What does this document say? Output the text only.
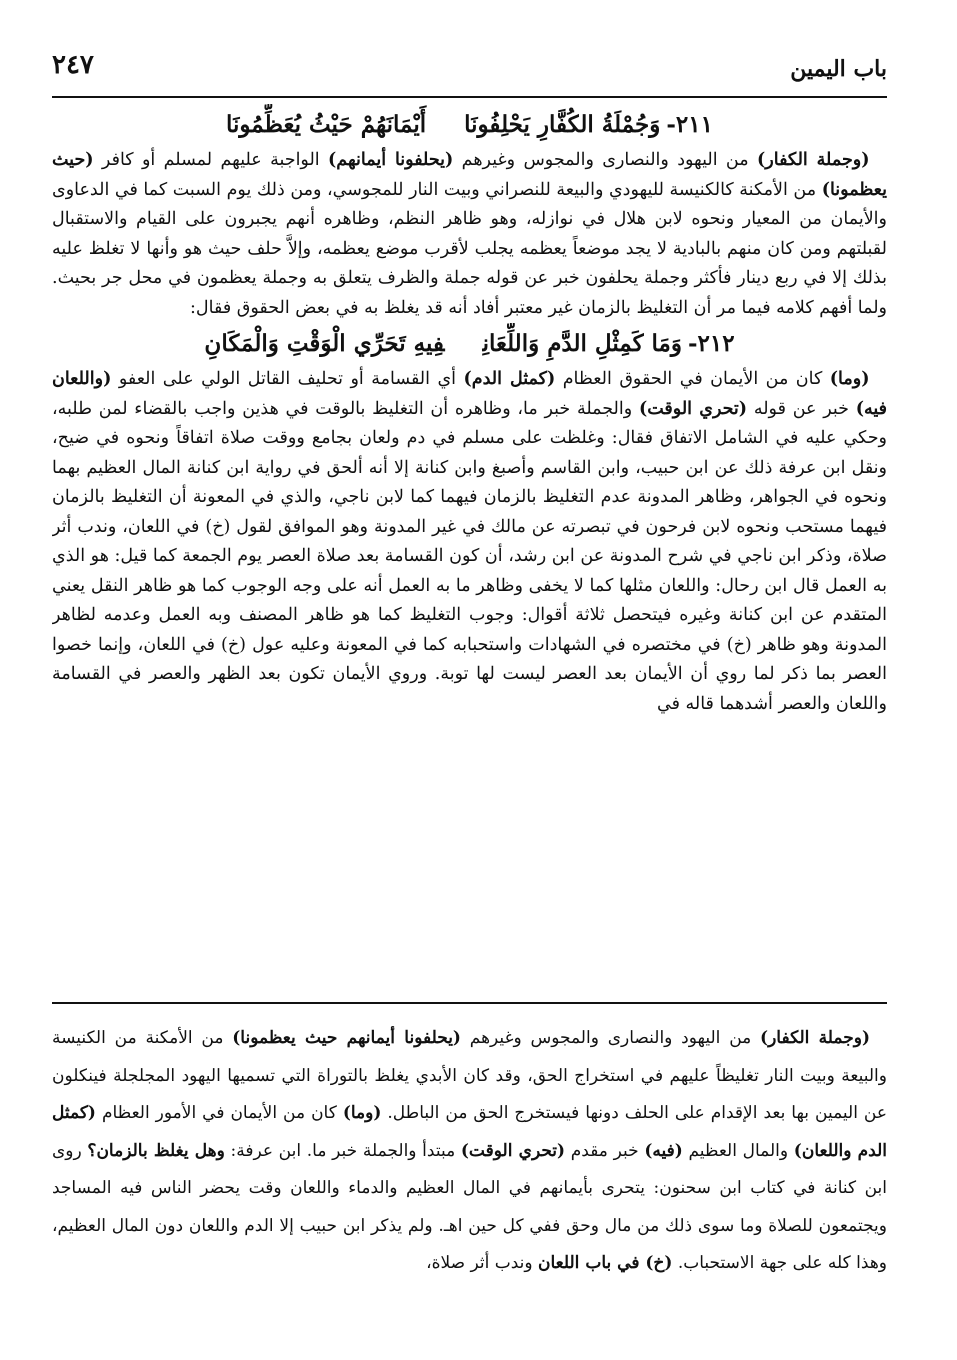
باب اليمين
٢٤٧
٢١١-وَجُمْلَةُ الكُفَّارِ يَحْلِفُونَاأَيْمَانَهُمْ حَيْثُ يُعَظِّمُونَا

 (وجملة الكفار) من اليهود والنصارى والمجوس وغيرهم (يحلفونا أيمانهم) الواجبة عليهم لمسلم أو كافر (حيث يعظمونا) من الأمكنة كالكنيسة لليهودي والبيعة للنصراني وبيت النار للمجوسي، ومن ذلك يوم السبت كما في الدعاوى والأيمان من المعيار ونحوه لابن هلال في نوازله، وهو ظاهر النظم، وظاهره أنهم يجبرون على القيام والاستقبال لقبلتهم ومن كان منهم بالبادية لا يجد موضعاً يعظمه يجلب لأقرب موضع يعظمه، وإلاَّ حلف حيث هو وأنها لا تغلظ عليه بذلك إلا في ربع دينار فأكثر وجملة يحلفون خبر عن قوله جملة والظرف يتعلق به وجملة يعظمون في محل جر بحيث. ولما أفهم كلامه فيما مر أن التغليظ بالزمان غير معتبر أفاد أنه قد يغلظ به في بعض الحقوق فقال:

٢١٢-وَمَا كَمِثْلِ الدَّمِ وَاللِّعَانِفِيهِ تَحَرِّي الْوَقْتِ وَالْمَكَانِ

 (وما) كان من الأيمان في الحقوق العظام (كمثل الدم) أي القسامة أو تحليف القاتل الولي على العفو (واللعان فيه) خبر عن قوله (تحري الوقت) والجملة خبر ما، وظاهره أن التغليظ بالوقت في هذين واجب بالقضاء لمن طلبه، وحكي عليه في الشامل الاتفاق فقال: وغلظت على مسلم في دم ولعان بجامع ووقت صلاة اتفاقاً ونحوه في ضيح، ونقل ابن عرفة ذلك عن ابن حبيب، وابن القاسم وأصبغ وابن كنانة إلا أنه ألحق في رواية ابن كنانة المال العظيم بهما ونحوه في الجواهر، وظاهر المدونة عدم التغليظ بالزمان فيهما كما لابن ناجي، والذي في المعونة أن التغليظ بالزمان فيهما مستحب ونحوه لابن فرحون في تبصرته عن مالك في غير المدونة وهو الموافق لقول (خ) في اللعان، وندب أثر صلاة، وذكر ابن ناجي في شرح المدونة عن ابن رشد، أن كون القسامة بعد صلاة العصر يوم الجمعة كما قيل: هو الذي به العمل قال ابن رحال: واللعان مثلها كما لا يخفى وظاهر ما به العمل أنه على وجه الوجوب كما هو ظاهر النقل يعني المتقدم عن ابن كنانة وغيره فيتحصل ثلاثة أقوال: وجوب التغليظ كما هو ظاهر المصنف وبه العمل وعدمه لظاهر المدونة وهو ظاهر (خ) في مختصره في الشهادات واستحبابه كما في المعونة وعليه عول (خ) في اللعان، وإنما خصوا العصر بما ذكر لما روي أن الأيمان بعد العصر ليست لها توبة. وروي الأيمان تكون بعد الظهر والعصر في القسامة واللعان والعصر أشدهما قاله في

 (وجملة الكفار) من اليهود والنصارى والمجوس وغيرهم (يحلفونا أيمانهم حيث يعظمونا) من الأمكنة من الكنيسة والبيعة وبيت النار تغليظاً عليهم في استخراج الحق، وقد كان الأبدي يغلظ بالتوراة التي تسميها اليهود المجلجلة فينكلون عن اليمين بها بعد الإقدام على الحلف دونها فيستخرج الحق من الباطل. (وما) كان من الأيمان في الأمور العظام (كمثل الدم واللعان) والمال العظيم (فيه) خبر مقدم (تحري الوقت) مبتدأ والجملة خبر ما. ابن عرفة: وهل يغلظ بالزمان؟ روى ابن كنانة في كتاب ابن سحنون: يتحرى بأيمانهم في المال العظيم والدماء واللعان وقت يحضر الناس فيه المساجد ويجتمعون للصلاة وما سوى ذلك من مال وحق ففي كل حين اهـ. ولم يذكر ابن حبيب إلا الدم واللعان دون المال العظيم، وهذا كله على جهة الاستحباب. (خ) في باب اللعان وندب أثر صلاة،
